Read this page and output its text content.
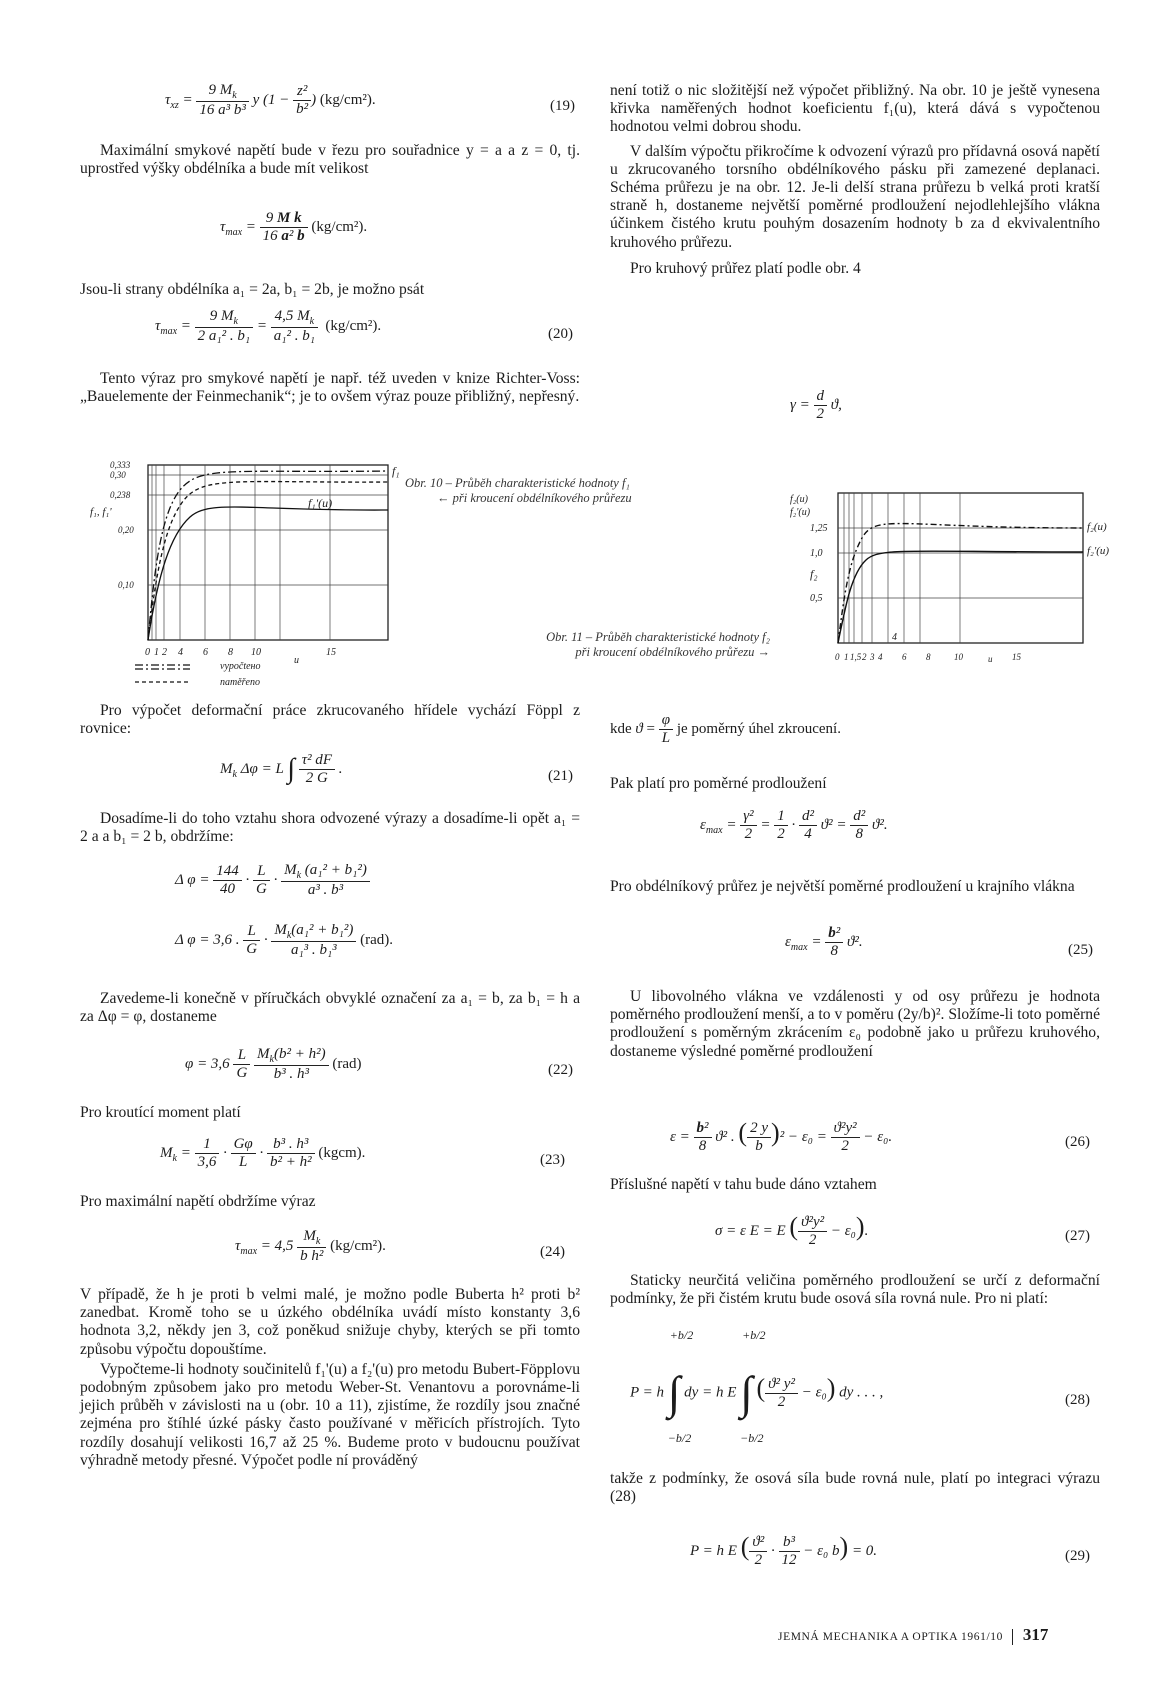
$\tau_{xz} = \frac{9 M_k}{\text{16 a³ b³}}$ y ($1 - \frac{\text{z²}}{\text{b²}}$ ) (kg/cm²).	(19)

Maximální smykové napětí bude v řezu pro souřadnice y = a a z = 0, tj. uprostřed výšky obdélníka a bude mít velikost

$\tau_{max} = \frac{\text{9 M k}}{\text{16 a² b}} (kg/cm^2)$.

Jsou-li strany obdélníka a₁ = 2a, b₁ = 2b, je možno psát

$\tau_{max} = \frac{9 M_k}{\text{2 a₁² . b₁}} = \frac{4,5 M_k}{\text{a₁² . b₁}} (kg/cm^2)$.
(20)

Tento výraz pro smykové napětí je např. též uveden v knize Richter-Voss: „Bauelemente der Feinmechanik“; je to ovšem výraz pouze přibližný, nepřesný.

není totiž o nic složitější než výpočet přibližný. Na obr. 10 je ještě vynesena křivka naměřených hodnot koeficientu f₁(u), která dává s vypočtenou hodnotou velmi dobrou shodu.

V dalším výpočtu přikročíme k odvození výrazů pro přídavná osová napětí u zkrucovaného torsního obdélníkového pásku při zamezené deplanaci. Schéma průřezu je na obr. 12. Je-li delší strana průřezu b velká proti kratší straně h, dostaneme největší poměrné prodloužení nejodlehlejšího vlákna účinkem čistého krutu pouhým dosazením hodnoty b za d ekvivalentního kruhového průřezu.

Pro kruhový průřez platí podle obr. 4

$\gamma = \frac{d}{2} ϑ$,
0,333
0,30
0,238
0,20
0,10
0 1 2 4 6 8 10	15
u
f₁
f₁'(u)
f₁, f₁'
vypočtено
naměřeno
Obr. 10 – Průběh charakteristické hodnoty f₁
← při kroucení obdélníkového průřezu
1,25
1,0
0,5
f₂(u)
f₂'(u)
f₂
4
0 1 1,5 2 3 4 6 8	10	15
u
f₂(u)
f₂'(u)
Obr. 11 – Průběh charakteristické hodnoty f₂
při kroucení obdélníkového průřezu →

Pro výpočet deformační práce zkrucovaného hřídele vychází Föppl z rovnice:

$M_k$ Δφ = L ∫ $\frac{\text{τ² dF}}{2 G}$ .	(21)

Dosadíme-li do toho vztahu shora odvozené výrazy a dosadíme-li opět a₁ = 2 a a b₁ = 2 b, obdržíme:

Δ $\varphi = \frac{144}{40} \cdot \frac{L}{G} \cdot \frac{M_k (a_1^2 + b_1^2)}{\text{a³ . b³}}$
Δ φ = 3,6 . $\frac{L}{G} \cdot \frac{M_k(a_1^2 + b_1^2)}{\text{a₁³ . b₁³}} (rad)$.

Zavedeme-li konečně v příručkách obvyklé označení za a₁ = b, za b₁ = h a za Δφ = φ, dostaneme

$\varphi = 3,6 \frac{L}{G}$
$\frac{M_k(b^2 + h^2)}{\text{b³ . h³}} (rad)$	(22)

Pro kroutící moment platí

$M_k = \frac{1}{3,6} \cdot \frac{G\varphi}{L} \cdot \frac{\text{b³ . h³}}{\text{b² + h²}}$ (kgcm).	(23)

Pro maximální napětí obdržíme výraz

$\tau_{max} = 4,5 \frac{M_k}{\text{b h²}} (kg/cm^2)$.	(24)

V případě, že h je proti b velmi malé, je možno podle Buberta h² proti b² zanedbat. Kromě toho se u úzkého obdélníka uvádí místo konstanty 3,6 hodnota 3,2, někdy jen 3, což poněkud snižuje chyby, kterých se při tomto způsobu výpočtu dopouštíme.

Vypočteme-li hodnoty součinitelů f₁'(u) a f₂'(u) pro metodu Bubert-Föpplovu podobným způsobem jako pro metodu Weber-St. Venantovu a porovnáme-li jejich průběh v závislosti na u (obr. 10 a 11), zjistíme, že rozdíly jsou značné zejména pro štíhlé úzké pásky často používané v měřicích přístrojích. Tyto rozdíly dosahují velikosti 16,7 až 25 %. Budeme proto v budoucnu používat výhradně metody přesné. Výpočet podle ní prováděný

kde $ϑ = \frac{\varphi}{L}$ je poměrný úhel zkroucení.

Pak platí pro poměrné prodloužení

$\varepsilon_{max} = \frac{\text{γ²}}{2} = \frac{1}{2} \cdot \frac{\text{d²}}{4} ϑ^2 = \frac{\text{d²}}{8} ϑ^2$.

Pro obdélníkový průřez je největší poměrné prodloužení u krajního vlákna

$\varepsilon_{max} = \frac{\text{b²}}{8} ϑ^2$.
(25)

U libovolného vlákna ve vzdálenosti y od osy průřezu je hodnota poměrného prodloužení menší, a to v poměru (2y/b)². Složíme-li toto poměrné prodloužení s poměrným zkrácením ε₀ podobně jako u průřezu kruhového, dostaneme výsledné poměrné prodloužení

$\varepsilon = \frac{\text{b²}}{8} ϑ^2$ . ( $\frac{2 y}{b} )^2 - \varepsilon_0 = \frac{\text{ϑ²y²}}{2} - \varepsilon_0$.	(26)

Příslušné napětí v tahu bude dáno vztahem

σ = ε E = E ( $\frac{\text{ϑ²y²}}{2} - \varepsilon_0$).	(27)

Staticky neurčitá veličina poměrného prodloužení se určí z deformační podmínky, že při čistém krutu bude osová síla rovná nule. Pro ni platí:

P = h
+b/2
∫
−b/2
dy = h E
+b/2
∫
−b/2
( $\frac{\text{ϑ² y²}}{2} - \varepsilon_0$) dy . . . ,	(28)

takže z podmínky, že osová síla bude rovná nule, platí po integraci výrazu (28)

P = h E ( $\frac{\text{ϑ²}}{2} \cdot \frac{\text{b³}}{12} - \varepsilon_0$ b) = 0.	(29)
JEMNÁ MECHANIKA A OPTIKA 1961/10 317
